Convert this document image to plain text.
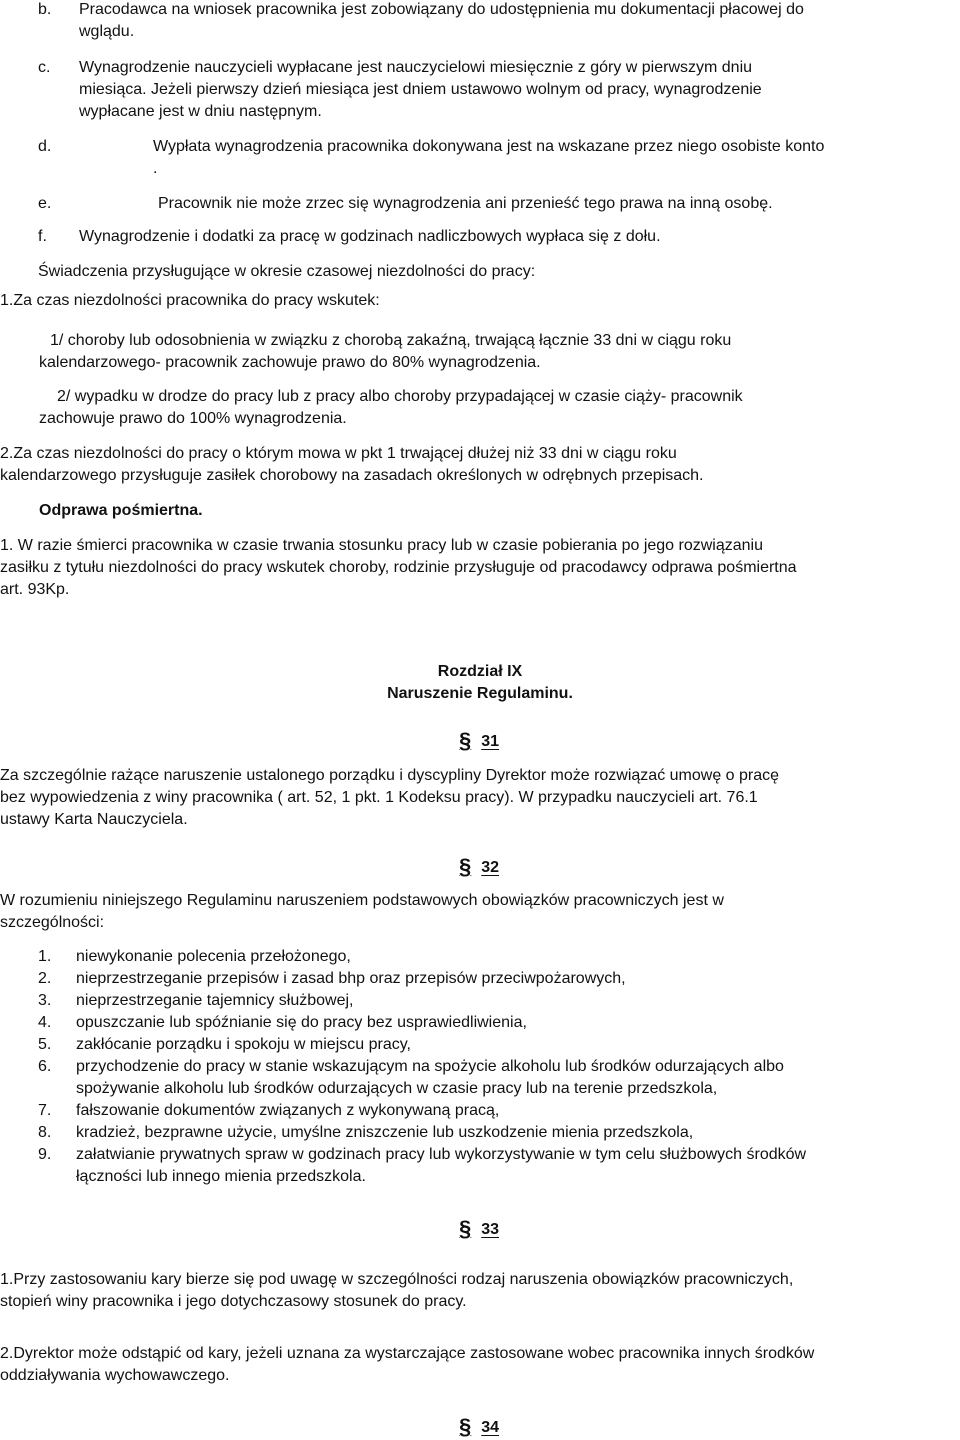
b. Pracodawca na wniosek pracownika jest zobowiązany do udostępnienia mu dokumentacji płacowej do
wglądu.
c. Wynagrodzenie nauczycieli wypłacane jest nauczycielowi miesięcznie z góry w pierwszym dniu
miesiąca. Jeżeli pierwszy dzień miesiąca jest dniem ustawowo wolnym od pracy, wynagrodzenie
wypłacane jest w dniu następnym.
d.	Wypłata wynagrodzenia pracownika dokonywana jest na wskazane przez niego osobiste konto
.
e.	Pracownik nie może zrzec się wynagrodzenia ani przenieść tego prawa na inną osobę.
f. Wynagrodzenie i dodatki za pracę w godzinach nadliczbowych wypłaca się z dołu.
Świadczenia przysługujące w okresie czasowej niezdolności do pracy:
1.Za czas niezdolności pracownika do pracy wskutek:
1/ choroby lub odosobnienia w związku z chorobą zakaźną, trwającą łącznie 33 dni w ciągu roku
kalendarzowego- pracownik zachowuje prawo do 80% wynagrodzenia.
2/ wypadku w drodze do pracy lub z pracy albo choroby przypadającej w czasie ciąży- pracownik
zachowuje prawo do 100% wynagrodzenia.
2.Za czas niezdolności do pracy o którym mowa w pkt 1 trwającej dłużej niż 33 dni w ciągu roku
kalendarzowego przysługuje zasiłek chorobowy na zasadach określonych w odrębnych przepisach.
Odprawa pośmiertna.
1. W razie śmierci pracownika w czasie trwania stosunku pracy lub w czasie pobierania po jego rozwiązaniu
zasiłku z tytułu niezdolności do pracy wskutek choroby, rodzinie przysługuje od pracodawcy odprawa pośmiertna
art. 93Kp.
Rozdział IX
Naruszenie Regulaminu.
§ 31
Za szczególnie rażące naruszenie ustalonego porządku i dyscypliny Dyrektor może rozwiązać umowę o pracę
bez wypowiedzenia z winy pracownika ( art. 52, 1 pkt. 1 Kodeksu pracy). W przypadku nauczycieli art. 76.1
ustawy Karta Nauczyciela.
§ 32
W rozumieniu niniejszego Regulaminu naruszeniem podstawowych obowiązków pracowniczych jest w
szczególności:
1. niewykonanie polecenia przełożonego,
2. nieprzestrzeganie przepisów i zasad bhp oraz przepisów przeciwpożarowych,
3. nieprzestrzeganie tajemnicy służbowej,
4. opuszczanie lub spóźnianie się do pracy bez usprawiedliwienia,
5. zakłócanie porządku i spokoju w miejscu pracy,
6. przychodzenie do pracy w stanie wskazującym na spożycie alkoholu lub środków odurzających albo
spożywanie alkoholu lub środków odurzających w czasie pracy lub na terenie przedszkola,
7. fałszowanie dokumentów związanych z wykonywaną pracą,
8. kradzież, bezprawne użycie, umyślne zniszczenie lub uszkodzenie mienia przedszkola,
9. załatwianie prywatnych spraw w godzinach pracy lub wykorzystywanie w tym celu służbowych środków
łączności lub innego mienia przedszkola.
§ 33
1.Przy zastosowaniu kary bierze się pod uwagę w szczególności rodzaj naruszenia obowiązków pracowniczych,
stopień winy pracownika i jego dotychczasowy stosunek do pracy.
2.Dyrektor może odstąpić od kary, jeżeli uznana za wystarczające zastosowane wobec pracownika innych środków
oddziaływania wychowawczego.
§ 34
